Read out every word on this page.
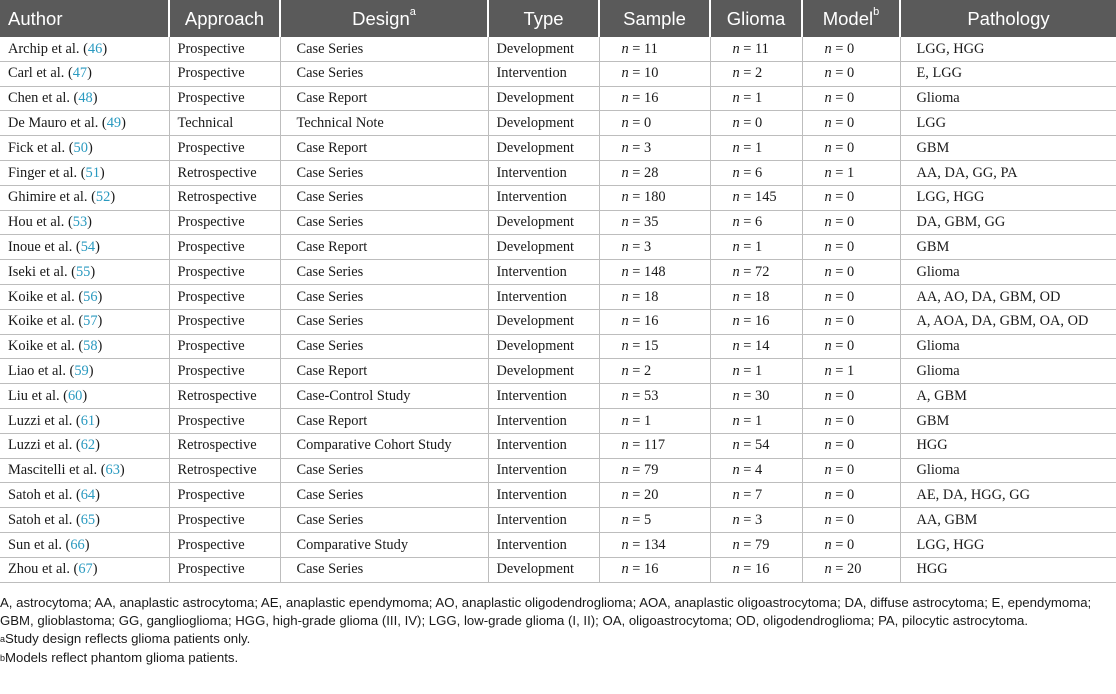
Author	Approach	Design$^a$	Type	Sample	Glioma	Model$^b$	Pathology
Archip et al. (46)	Prospective	Case Series	Development	n = 11	n = 11	n = 0	LGG, HGG
Carl et al. (47)	Prospective	Case Series	Intervention	n = 10	n = 2	n = 0	E, LGG
Chen et al. (48)	Prospective	Case Report	Development	n = 16	n = 1	n = 0	Glioma
De Mauro et al. (49)	Technical	Technical Note	Development	n = 0	n = 0	n = 0	LGG
Fick et al. (50)	Prospective	Case Report	Development	n = 3	n = 1	n = 0	GBM
Finger et al. (51)	Retrospective	Case Series	Intervention	n = 28	n = 6	n = 1	AA, DA, GG, PA
Ghimire et al. (52)	Retrospective	Case Series	Intervention	n = 180	n = 145	n = 0	LGG, HGG
Hou et al. (53)	Prospective	Case Series	Development	n = 35	n = 6	n = 0	DA, GBM, GG
Inoue et al. (54)	Prospective	Case Report	Development	n = 3	n = 1	n = 0	GBM
Iseki et al. (55)	Prospective	Case Series	Intervention	n = 148	n = 72	n = 0	Glioma
Koike et al. (56)	Prospective	Case Series	Intervention	n = 18	n = 18	n = 0	AA, AO, DA, GBM, OD
Koike et al. (57)	Prospective	Case Series	Development	n = 16	n = 16	n = 0	A, AOA, DA, GBM, OA, OD
Koike et al. (58)	Prospective	Case Series	Development	n = 15	n = 14	n = 0	Glioma
Liao et al. (59)	Prospective	Case Report	Development	n = 2	n = 1	n = 1	Glioma
Liu et al. (60)	Retrospective	Case-Control Study	Intervention	n = 53	n = 30	n = 0	A, GBM
Luzzi et al. (61)	Prospective	Case Report	Intervention	n = 1	n = 1	n = 0	GBM
Luzzi et al. (62)	Retrospective	Comparative Cohort Study	Intervention	n = 117	n = 54	n = 0	HGG
Mascitelli et al. (63)	Retrospective	Case Series	Intervention	n = 79	n = 4	n = 0	Glioma
Satoh et al. (64)	Prospective	Case Series	Intervention	n = 20	n = 7	n = 0	AE, DA, HGG, GG
Satoh et al. (65)	Prospective	Case Series	Intervention	n = 5	n = 3	n = 0	AA, GBM
Sun et al. (66)	Prospective	Comparative Study	Intervention	n = 134	n = 79	n = 0	LGG, HGG
Zhou et al. (67)	Prospective	Case Series	Development	n = 16	n = 16	n = 20	HGG

A, astrocytoma; AA, anaplastic astrocytoma; AE, anaplastic ependymoma; AO, anaplastic oligodendroglioma; AOA, anaplastic oligoastrocytoma; DA, diffuse astrocytoma; E, ependymoma; GBM, glioblastoma; GG, ganglioglioma; HGG, high-grade glioma (III, IV); LGG, low-grade glioma (I, II); OA, oligoastrocytoma; OD, oligodendroglioma; PA, pilocytic astrocytoma.

$^a$Study design reflects glioma patients only.

$^b$Models reflect phantom glioma patients.
